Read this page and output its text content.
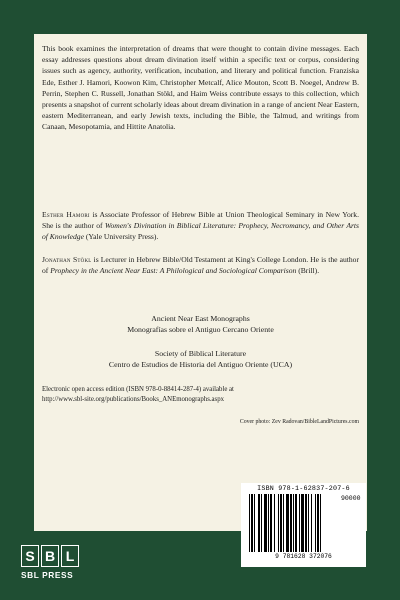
This book examines the interpretation of dreams that were thought to contain divine messages. Each essay addresses questions about dream divination itself within a specific text or corpus, considering issues such as agency, authority, verification, incubation, and literary and political function. Franziska Ede, Esther J. Hamori, Koowon Kim, Christopher Metcalf, Alice Mouton, Scott B. Noegel, Andrew B. Perrin, Stephen C. Russell, Jonathan Stökl, and Haim Weiss contribute essays to this collection, which presents a snapshot of current scholarly ideas about dream divination in a range of ancient Near Eastern, eastern Mediterranean, and early Jewish texts, including the Bible, the Talmud, and writings from Canaan, Mesopotamia, and Hittite Anatolia.

Esther Hamori is Associate Professor of Hebrew Bible at Union Theological Seminary in New York. She is the author of Women's Divination in Biblical Literature: Prophecy, Necromancy, and Other Arts of Knowledge (Yale University Press).

Jonathan Stökl is Lecturer in Hebrew Bible/Old Testament at King's College London. He is the author of Prophecy in the Ancient Near East: A Philological and Sociological Comparison (Brill).

Ancient Near East Monographs
Monografías sobre el Antiguo Cercano Oriente

Society of Biblical Literature
Centro de Estudios de Historia del Antiguo Oriente (UCA)

Electronic open access edition (ISBN 978-0-88414-287-4) available at
http://www.sbl-site.org/publications/Books_ANEmonographs.aspx

Cover photo: Zev Radovan/BibleLandPictures.com

ISBN 978-1-62837-207-6
90000
9 781628 372076
S B L
SBL PRESS
